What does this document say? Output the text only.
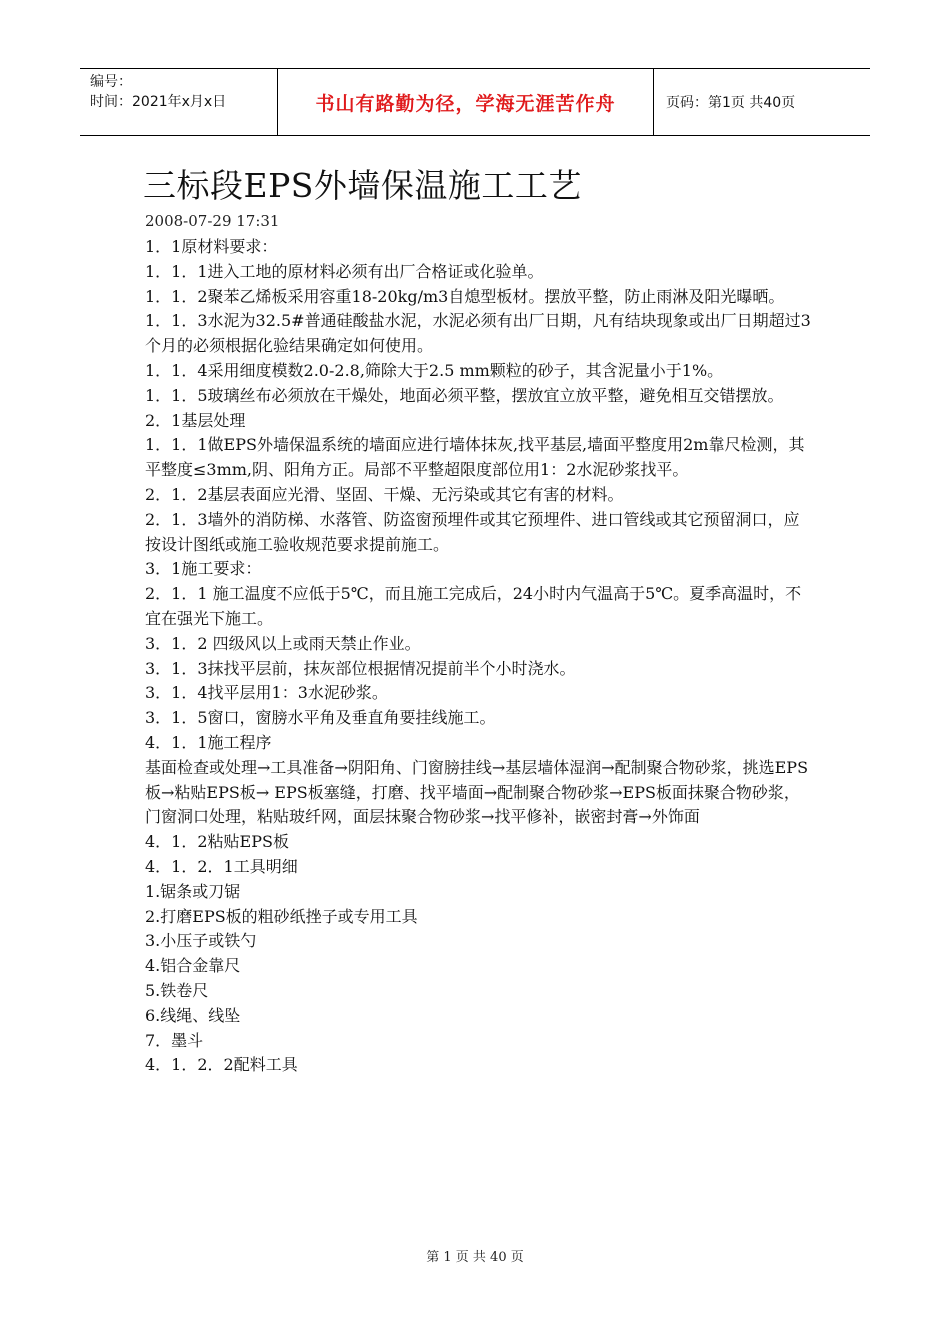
编号：
时间：2021年x月x日	书山有路勤为径，学海无涯苦作舟	页码：第1页 共40页
三标段EPS外墙保温施工工艺
2008-07-29 17:31

1．1原材料要求：

1．1．1进入工地的原材料必须有出厂合格证或化验单。

1．1．2聚苯乙烯板采用容重18-20kg/m3自熄型板材。摆放平整，防止雨淋及阳光曝晒。

1．1．3水泥为32.5#普通硅酸盐水泥，水泥必须有出厂日期，凡有结块现象或出厂日期超过3个月的必须根据化验结果确定如何使用。

1．1．4采用细度模数2.0-2.8,筛除大于2.5 mm颗粒的砂子，其含泥量小于1%。

1．1．5玻璃丝布必须放在干燥处，地面必须平整，摆放宜立放平整，避免相互交错摆放。

2．1基层处理

1．1．1做EPS外墙保温系统的墙面应进行墙体抹灰,找平基层,墙面平整度用2m靠尺检测，其平整度≤3mm,阴、阳角方正。局部不平整超限度部位用1：2水泥砂浆找平。

2．1．2基层表面应光滑、坚固、干燥、无污染或其它有害的材料。

2．1．3墙外的消防梯、水落管、防盗窗预埋件或其它预埋件、进口管线或其它预留洞口，应按设计图纸或施工验收规范要求提前施工。

3．1施工要求：

2．1．1 施工温度不应低于5℃，而且施工完成后，24小时内气温高于5℃。夏季高温时，不宜在强光下施工。

3．1．2 四级风以上或雨天禁止作业。

3．1．3抹找平层前，抹灰部位根据情况提前半个小时浇水。

3．1．4找平层用1：3水泥砂浆。

3．1．5窗口，窗膀水平角及垂直角要挂线施工。

4．1．1施工程序

基面检查或处理→工具准备→阴阳角、门窗膀挂线→基层墙体湿润→配制聚合物砂浆，挑选EPS板→粘贴EPS板→ EPS板塞缝，打磨、找平墙面→配制聚合物砂浆→EPS板面抹聚合物砂浆，门窗洞口处理，粘贴玻纤网，面层抹聚合物砂浆→找平修补，嵌密封膏→外饰面

4．1．2粘贴EPS板

4．1．2．1工具明细

1.锯条或刀锯

2.打磨EPS板的粗砂纸挫子或专用工具

3.小压子或铁勺

4.铝合金靠尺

5.铁卷尺

6.线绳、线坠

7．墨斗

4．1．2．2配料工具

第 1 页 共 40 页
